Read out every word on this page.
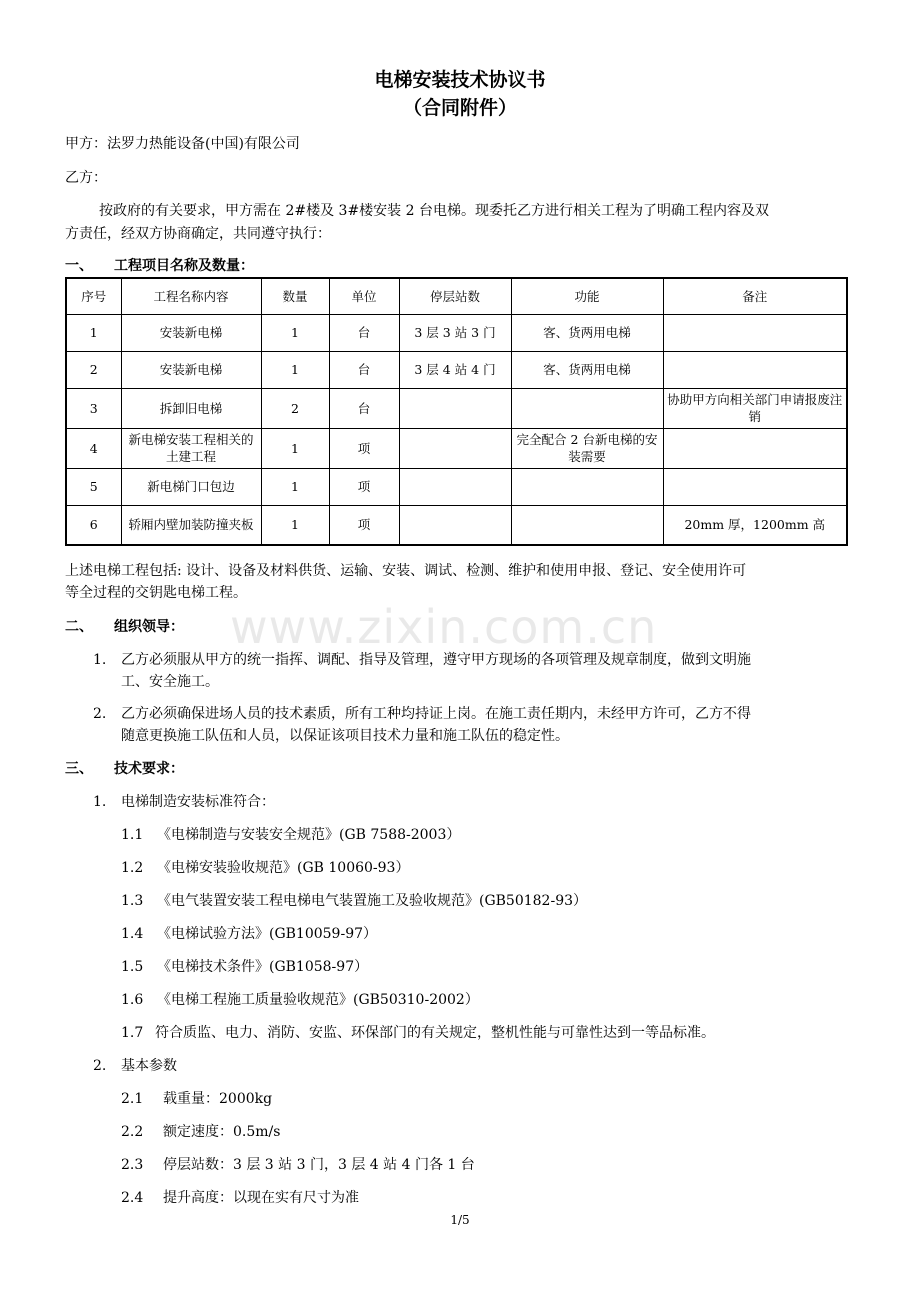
www.zixin.com.cn
电梯安装技术协议书
（合同附件）
甲方：法罗力热能设备(中国)有限公司
乙方：
按政府的有关要求，甲方需在 2#楼及 3#楼安装 2 台电梯。现委托乙方进行相关工程为了明确工程内容及双
方责任，经双方协商确定，共同遵守执行：
一、　　工程项目名称及数量：
序号	工程名称内容	数量	单位	停层站数	功能	备注
1	安装新电梯	1	台	3 层 3 站 3 门	客、货两用电梯	
2	安装新电梯	1	台	3 层 4 站 4 门	客、货两用电梯	
3	拆卸旧电梯	2	台			协助甲方向相关部门申请报废注销
4	新电梯安装工程相关的土建工程	1	项		完全配合 2 台新电梯的安装需要	
5	新电梯门口包边	1	项			
6	轿厢内壁加装防撞夹板	1	项			20mm 厚，1200mm 高
上述电梯工程包括: 设计、设备及材料供货、运输、安装、调试、检测、维护和使用申报、登记、安全使用许可
等全过程的交钥匙电梯工程。
二、　　组织领导：
1. 乙方必须服从甲方的统一指挥、调配、指导及管理，遵守甲方现场的各项管理及规章制度，做到文明施
工、安全施工。
2. 乙方必须确保进场人员的技术素质，所有工种均持证上岗。在施工责任期内，未经甲方许可，乙方不得
随意更换施工队伍和人员，以保证该项目技术力量和施工队伍的稳定性。
三、　　技术要求：
1. 电梯制造安装标准符合：
1.1 《电梯制造与安装安全规范》(GB 7588-2003）
1.2 《电梯安装验收规范》(GB 10060-93）
1.3 《电气装置安装工程电梯电气装置施工及验收规范》(GB50182-93）
1.4 《电梯试验方法》(GB10059-97）
1.5 《电梯技术条件》(GB1058-97）
1.6 《电梯工程施工质量验收规范》(GB50310-2002）
1.7 符合质监、电力、消防、安监、环保部门的有关规定，整机性能与可靠性达到一等品标准。
2. 基本参数
2.1 载重量：2000kg
2.2 额定速度：0.5m/s
2.3 停层站数：3 层 3 站 3 门，3 层 4 站 4 门各 1 台
2.4 提升高度：以现在实有尺寸为准
1/5
